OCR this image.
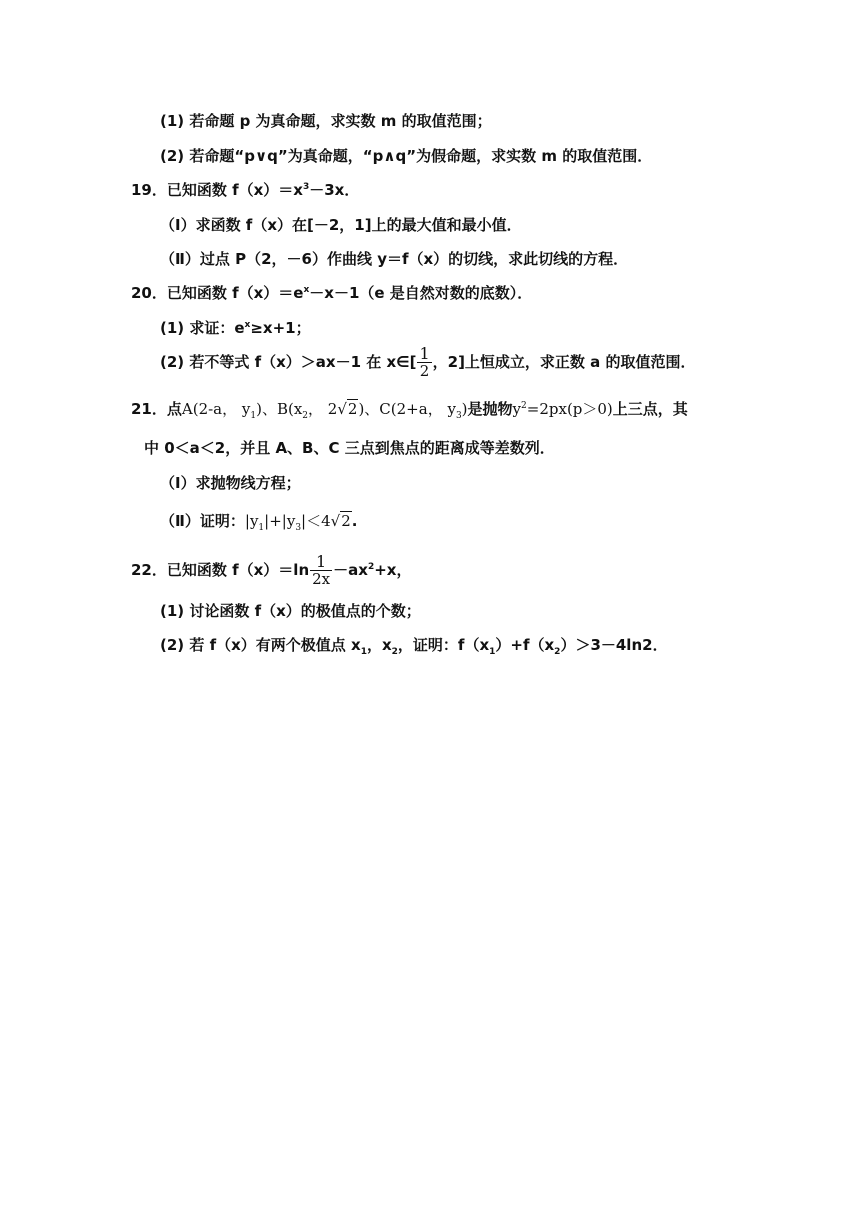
(1) 若命题 p 为真命题，求实数 m 的取值范围；
(2) 若命题“p∨q”为真命题，“p∧q”为假命题，求实数 m 的取值范围．
19．已知函数 $f(x)=x^3-3x$．
（Ⅰ）求函数 f（x）在[－2，1]上的最大值和最小值．
（Ⅱ）过点 P（2，－6）作曲线 y＝f（x）的切线，求此切线的方程．
20．已知函数 $f(x)=e^x-x-1(e$ 是自然对数的底数）．
(1) 求证：$e^x\ge x+1$；
(2) 若不等式 f（x）＞ax－1 在 x∈[ $\frac{1}{2}$ ，2]上恒成立，求正数 a 的取值范围．
21．点A(2-a， $y_1$)、$B(x_2$， 2√2)、C(2+a， $y_3$)是抛物$y^2=2px(p>0)$上三点，其
中 0＜a＜2，并且 A、B、C 三点到焦点的距离成等差数列．
（Ⅰ）求抛物线方程；
（Ⅱ）证明：$|y_1|+|y_3|<4√2$.
22．已知函数 $f(x)=\ln \frac{1}{2x} -ax^2+x$，
(1) 讨论函数 f（x）的极值点的个数；
(2) 若 f（x）有两个极值点 $x_1$，$x_2$，证明：$f(x_1)+f(x_2)>3-4\ln 2$．
